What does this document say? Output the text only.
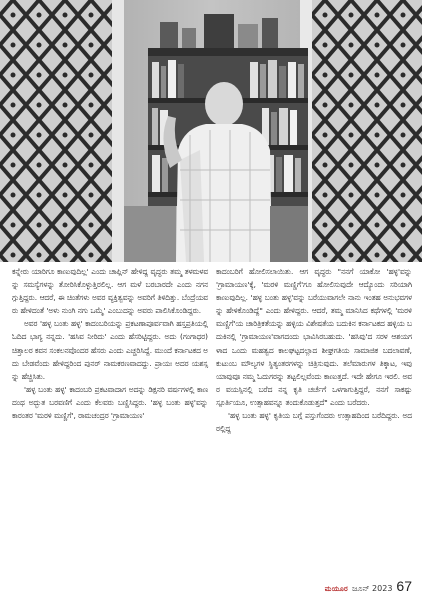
ಕನ್ನೇರು ಯಾರಿಗೂ ಕಾಣುವುದಿಲ್ಲ' ಎಂದು ಚಾಪ್ಲಿನ್ ಹೇಳಿದ್ದ ವೃದ್ಧರು ತಮ್ಮ ತಳಮಳವನ್ನು ಸಮಸ್ಯೆಗಳನ್ನು ತೋರಿಸಿಕೊಳ್ಳುತ್ತಿರಲಿಲ್ಲ. ಆಗ ಮಳೆ ಬರಬಾರದೇ ಎಂದು ನಗನಗ್ಗುತ್ತಿದ್ದರು. ಆದರೆ, ಈ ಚಿಂತೆಗಳು ಅವರ ವ್ಯಕ್ತಿತ್ವವನ್ನು ಅವರಿಗೆ ತಿಳಿದಿತ್ತು. ಬೆಂದ್ರೆಯವರು ಹೇಳಿದಂತೆ 'ಅಳು ನುಂಗಿ ನಗು ಒಮ್ಮೆ' ಎಂಬುದನ್ನು ಅವರು ಪಾಲಿಸಿಕೊಂಡಿದ್ದರು.

ಅವರ 'ಹಳ್ಳ ಬಂತು ಹಳ್ಳ' ಕಾದಂಬರಿಯನ್ನು ಪ್ರಕಟಣಾಪೂರ್ವವಾಗಿ ಹಸ್ತಪ್ರತಿಯಲ್ಲಿ ಓದಿದ ಭಾಗ್ಯ ನನ್ನದು. 'ಹಸಿವ ನೀರಿದು' ಎಂದು ಹೆಸರಿಟ್ಟಿದ್ದರು. ಅದು (ಗಂಗಾಧರ) ಚಿತ್ತಾಲರ ಕವನ ಸಂಕಲನವೊಂದರ ಹೆಸರು ಎಂದು ಎಚ್ಚರಿಸಿದ್ದೆ. ಮುಂದೆ ಕರ್ನಾಟಕದ ಅದು ಬೇಡವೆಂದು ಹೇಳಿದ್ದರಿಂದ ಪುನರ್ ನಾಮಕರಣವಾದದ್ದು. ಪ್ರಾಯಃ ಅದರ ಯಶಸ್ಸನ್ನು ಹೆಚ್ಚಿಸಿತು.

'ಹಳ್ಳ ಬಂತು ಹಳ್ಳ' ಕಾದಂಬರಿ ಪ್ರಕಟವಾದಾಗ ಅದನ್ನು ಡಿಕ್ಷನರಿ ವರ್ಷಗಳಲ್ಲಿ ಕಾಣದಂಥ ಅದ್ಭುತ ಬರವಣಿಗೆ ಎಂದು ಕೆಲವರು ಬಣ್ಣಿಸಿದ್ದರು. 'ಹಳ್ಳ ಬಂತು ಹಳ್ಳ'ವನ್ನು ಕಾರಂತರ 'ಮರಳಿ ಮಣ್ಣಿಗೆ', ರಾಮಚಂದ್ರರ 'ಗ್ರಾಮಾಯಣ'

ಕಾದಂಬರಿಗೆ ಹೋಲಿಸಲಾಯಿತು. ಆಗ ವೃದ್ಧರು "ನನಗೆ ಯಾಕೋ 'ಹಳ್ಳ'ವನ್ನು 'ಗ್ರಾಮಾಯಣ'ಕ್ಕೆ, 'ಮರಳಿ ಮಣ್ಣಿಗೆ'ಗೂ ಹೋಲಿಸುವುದೇ ಆದ್ಯೊಂದು ಸರಿಯಾಗಿ ಕಾಣುವುದಿಲ್ಲ. 'ಹಳ್ಳ ಬಂತು ಹಳ್ಳ'ವನ್ನು ಬರೆಯುವಾಗಲೇ ನಾನು ಇಂತಹ ಅನುಭವಗಳನ್ನು ಹೇಳಿಕೊಂಡಿದ್ದೆ" ಎಂದು ಹೇಳಿದ್ದರು. ಆದರೆ, ತಮ್ಮ ಮಾನಿಸಿದ ಕಥೆಗಳಲ್ಲಿ 'ಮರಳಿ ಮಣ್ಣಿಗೆ'ಯ ಚಾರಿತ್ರಿಕತೆಯನ್ನು ಹಳ್ಳಿಯ ವಿಶೇಷತೆಯ ಬದುಕಿನ ಕರ್ನಾಟಕದ ಹಳ್ಳಿಯ ಬದುಕಿನಲ್ಲಿ 'ಗ್ರಾಮಾಯಣ'ವಾಗದಂದು ಭಾವಿಸಿರಬಹುದು. 'ಹಸಿವು'ದ ಸರಳ ಆಶಯಗಳಾದ ಒಂದು ಮಹತ್ವದ ಕಾಲಘಟ್ಟದಲ್ಲಾದ ಶೀಘ್ರಗತಿಯ ಸಾಮಾಜಿಕ ಬದಲಾವಣೆ, ಕುಟುಂಬ ಮೌಲ್ಯಗಳ ಸ್ಥಿತ್ಯಂತರಗಳನ್ನು ಚಿತ್ರಿಸುವುದು. ತಲೆಮಾರುಗಳ ತಿಕ್ಕಾಟ, ಇವು ಯಾವುವೂ ನಮ್ಮ ಓದುಗರನ್ನು ತಟ್ಟಲಿಲ್ಲವೆಂದು ಕಾಣುತ್ತದೆ. ಇದೇ ಹೇಗೂ ಇರಲಿ. ಅವರ ವಯಸ್ಸಿನಲ್ಲಿ ಬರೆದ ನನ್ನ ಕೃತಿ ಚರ್ಚೆಗೆ ಒಳಗಾಗುತ್ತಿದ್ದರೆ, ನನಗೆ ಸಾಕಷ್ಟು ಸ್ಪೂರ್ತಿಯೂ, ಉತ್ಸಾಹವನ್ನೂ ತಂದುಕೊಡುತ್ತದೆ" ಎಂದು ಬರೆದರು.

'ಹಳ್ಳ ಬಂತು ಹಳ್ಳ' ಕೃತಿಯ ಬಗ್ಗೆ ಪಸ್ತುಗೆಂದರು ಉತ್ಸಾಹದಿಂದ ಬರೆದಿದ್ದರು. ಅದರಲ್ಲಿದ್ದ

ಮಯೂರ ಜೂನ್ 2023 67
